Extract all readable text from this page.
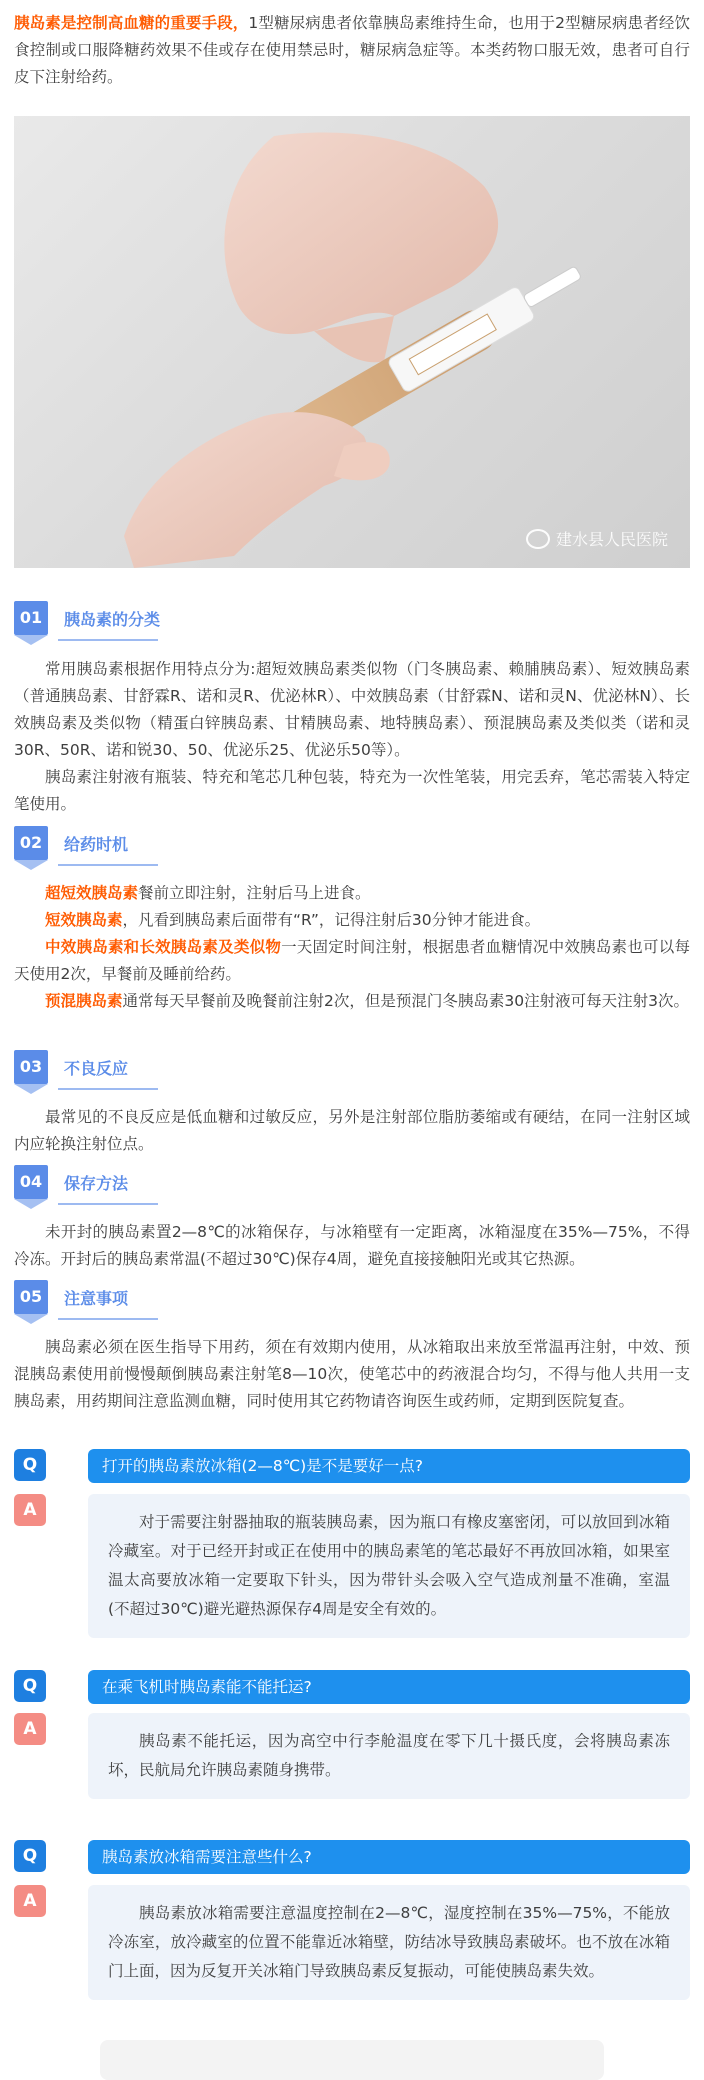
胰岛素是控制高血糖的重要手段，1型糖尿病患者依靠胰岛素维持生命，也用于2型糖尿病患者经饮食控制或口服降糖药效果不佳或存在使用禁忌时，糖尿病急症等。本类药物口服无效，患者可自行皮下注射给药。

建水县人民医院
01	胰岛素的分类

常用胰岛素根据作用特点分为:超短效胰岛素类似物（门冬胰岛素、赖脯胰岛素）、短效胰岛素（普通胰岛素、甘舒霖R、诺和灵R、优泌林R）、中效胰岛素（甘舒霖N、诺和灵N、优泌林N）、长效胰岛素及类似物（精蛋白锌胰岛素、甘精胰岛素、地特胰岛素）、预混胰岛素及类似类（诺和灵30R、50R、诺和锐30、50、优泌乐25、优泌乐50等）。

胰岛素注射液有瓶装、特充和笔芯几种包装，特充为一次性笔装，用完丢弃，笔芯需装入特定笔使用。

02	给药时机

超短效胰岛素餐前立即注射，注射后马上进食。

短效胰岛素，凡看到胰岛素后面带有“R”，记得注射后30分钟才能进食。

中效胰岛素和长效胰岛素及类似物一天固定时间注射，根据患者血糖情况中效胰岛素也可以每天使用2次，早餐前及睡前给药。

预混胰岛素通常每天早餐前及晚餐前注射2次，但是预混门冬胰岛素30注射液可每天注射3次。

03	不良反应

最常见的不良反应是低血糖和过敏反应，另外是注射部位脂肪萎缩或有硬结，在同一注射区域内应轮换注射位点。

04	保存方法

未开封的胰岛素置2—8℃的冰箱保存，与冰箱壁有一定距离，冰箱湿度在35%—75%，不得冷冻。开封后的胰岛素常温(不超过30℃)保存4周，避免直接接触阳光或其它热源。

05	注意事项

胰岛素必须在医生指导下用药，须在有效期内使用，从冰箱取出来放至常温再注射，中效、预混胰岛素使用前慢慢颠倒胰岛素注射笔8—10次，使笔芯中的药液混合均匀，不得与他人共用一支胰岛素，用药期间注意监测血糖，同时使用其它药物请咨询医生或药师，定期到医院复查。

Q	打开的胰岛素放冰箱(2—8℃)是不是要好一点?
A
对于需要注射器抽取的瓶装胰岛素，因为瓶口有橡皮塞密闭，可以放回到冰箱冷藏室。对于已经开封或正在使用中的胰岛素笔的笔芯最好不再放回冰箱，如果室温太高要放冰箱一定要取下针头，因为带针头会吸入空气造成剂量不准确，室温(不超过30℃)避光避热源保存4周是安全有效的。
Q	在乘飞机时胰岛素能不能托运?
A
胰岛素不能托运，因为高空中行李舱温度在零下几十摄氏度，会将胰岛素冻坏，民航局允许胰岛素随身携带。
Q	胰岛素放冰箱需要注意些什么?
A
胰岛素放冰箱需要注意温度控制在2—8℃，湿度控制在35%—75%，不能放冷冻室，放冷藏室的位置不能靠近冰箱壁，防结冰导致胰岛素破坏。也不放在冰箱门上面，因为反复开关冰箱门导致胰岛素反复振动，可能使胰岛素失效。
